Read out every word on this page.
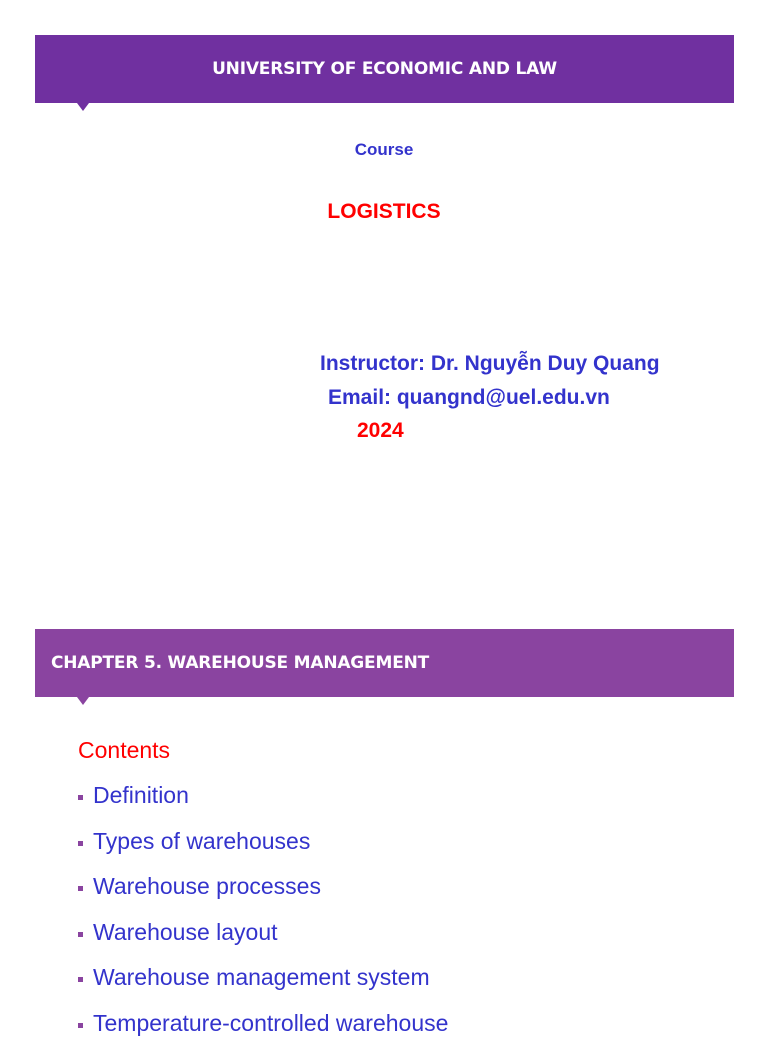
UNIVERSITY OF ECONOMIC AND LAW
Course
LOGISTICS
Instructor: Dr. Nguyễn Duy Quang
Email: quangnd@uel.edu.vn
2024
CHAPTER 5. WAREHOUSE MANAGEMENT
Contents
Definition
Types of warehouses
Warehouse processes
Warehouse layout
Warehouse management system
Temperature-controlled warehouse
